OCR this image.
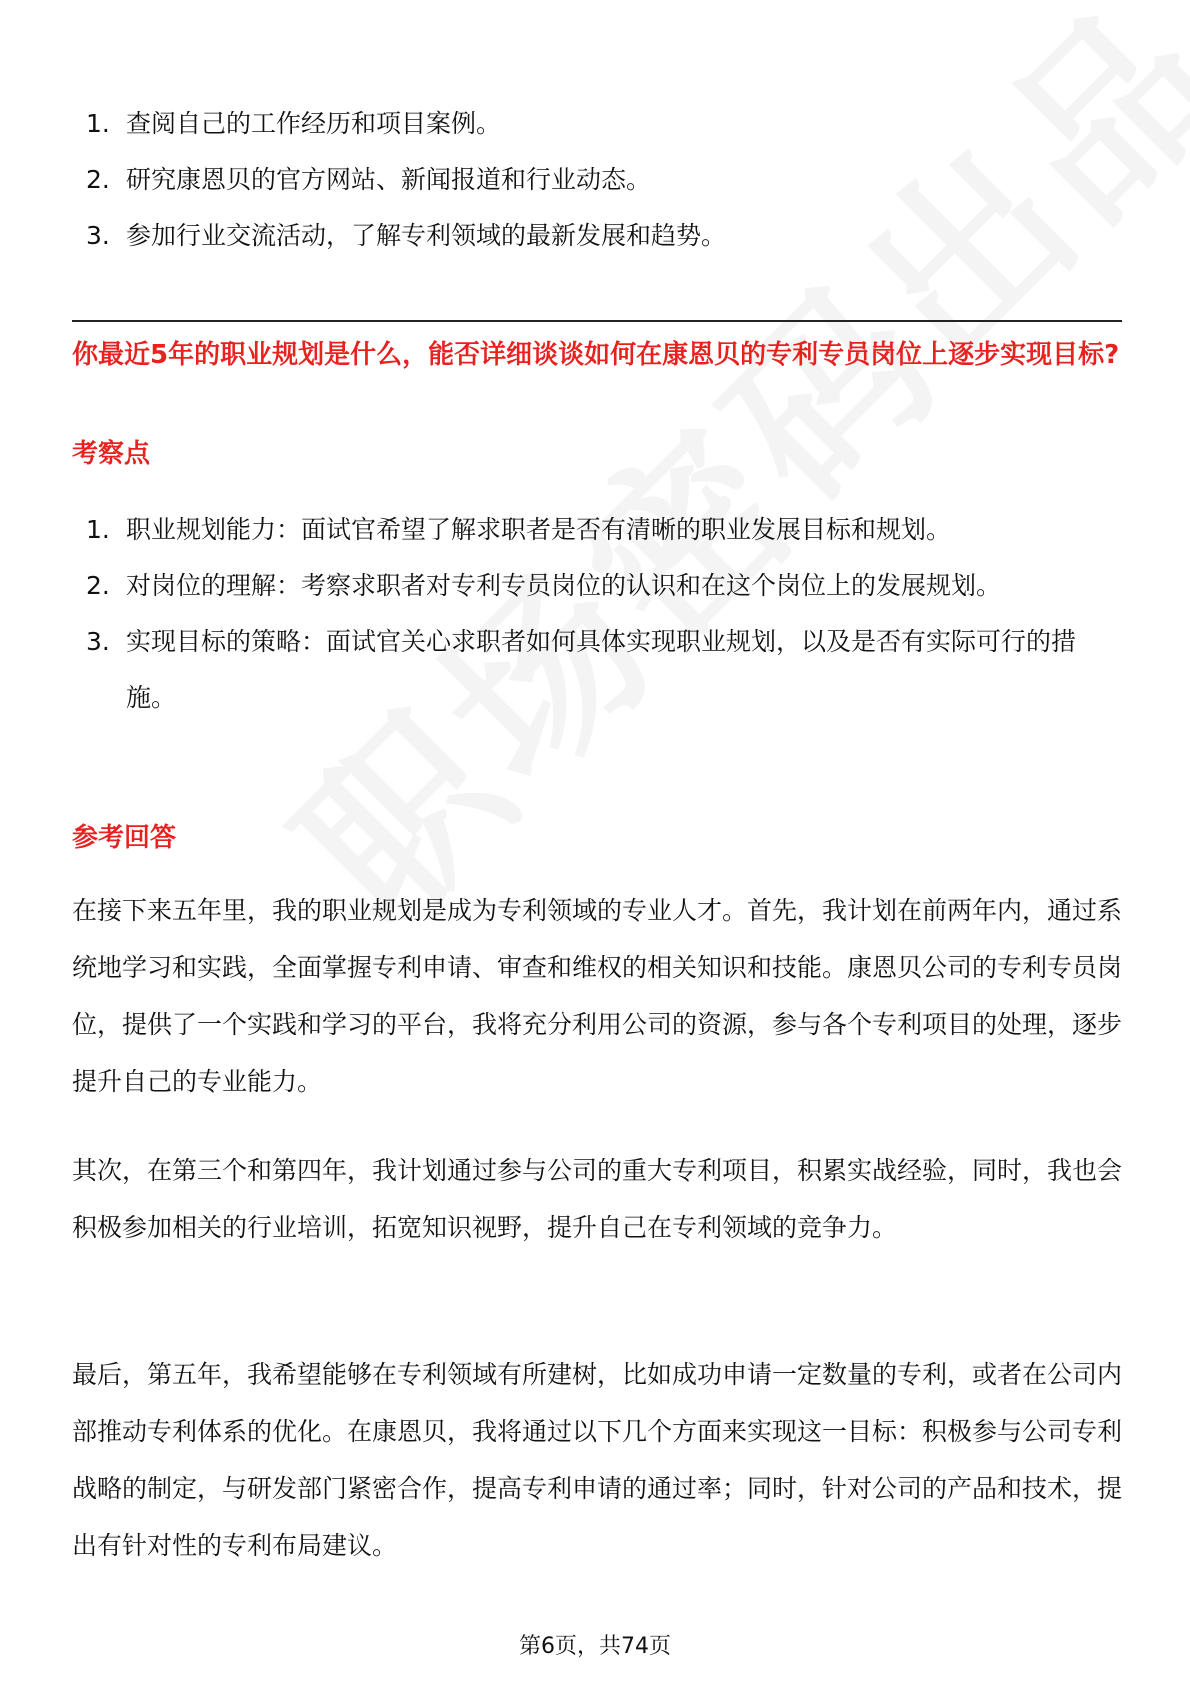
1. 查阅自己的工作经历和项目案例。
2. 研究康恩贝的官方网站、新闻报道和行业动态。
3. 参加行业交流活动，了解专利领域的最新发展和趋势。
你最近5年的职业规划是什么，能否详细谈谈如何在康恩贝的专利专员岗位上逐步实现目标?
考察点
1. 职业规划能力：面试官希望了解求职者是否有清晰的职业发展目标和规划。
2. 对岗位的理解：考察求职者对专利专员岗位的认识和在这个岗位上的发展规划。
3. 实现目标的策略：面试官关心求职者如何具体实现职业规划，以及是否有实际可行的措施。
参考回答

在接下来五年里，我的职业规划是成为专利领域的专业人才。首先，我计划在前两年内，通过系统地学习和实践，全面掌握专利申请、审查和维权的相关知识和技能。康恩贝公司的专利专员岗位，提供了一个实践和学习的平台，我将充分利用公司的资源，参与各个专利项目的处理，逐步提升自己的专业能力。

其次，在第三个和第四年，我计划通过参与公司的重大专利项目，积累实战经验，同时，我也会积极参加相关的行业培训，拓宽知识视野，提升自己在专利领域的竞争力。

最后，第五年，我希望能够在专利领域有所建树，比如成功申请一定数量的专利，或者在公司内部推动专利体系的优化。在康恩贝，我将通过以下几个方面来实现这一目标：积极参与公司专利战略的制定，与研发部门紧密合作，提高专利申请的通过率；同时，针对公司的产品和技术，提出有针对性的专利布局建议。

第6页，共74页
